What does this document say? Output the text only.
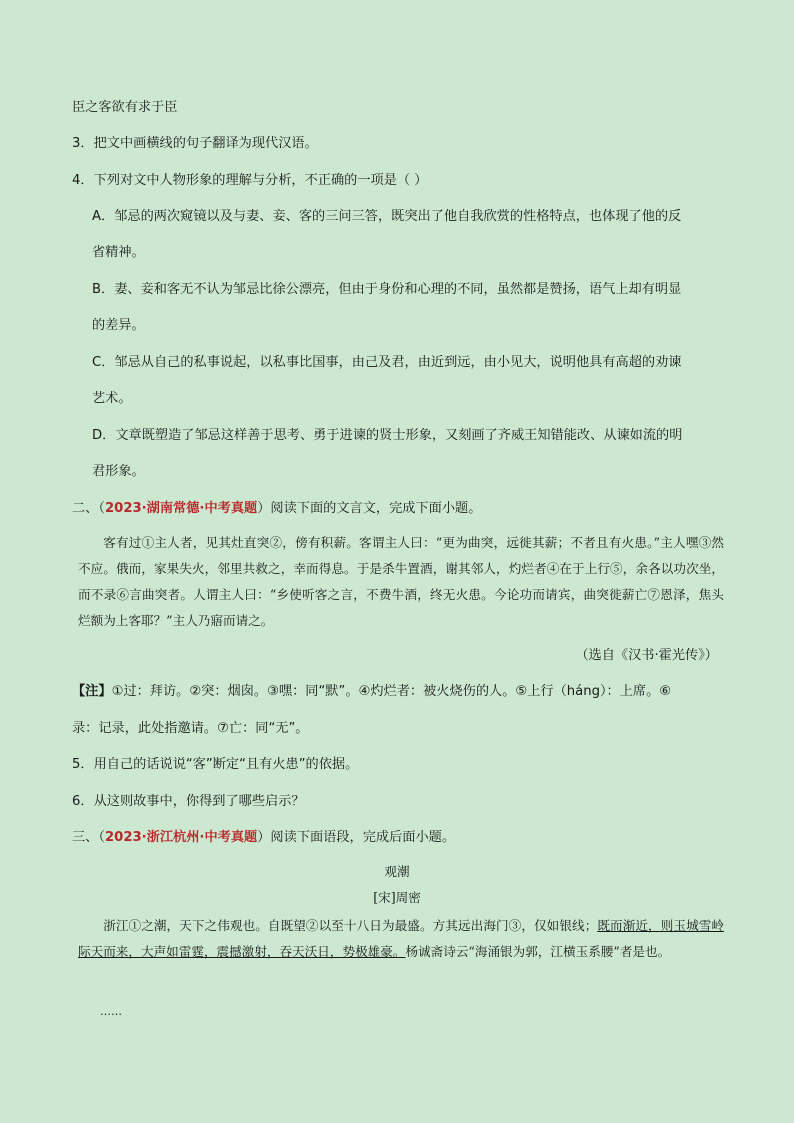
臣之客欲有求于臣
3．把文中画横线的句子翻译为现代汉语。
4．下列对文中人物形象的理解与分析，不正确的一项是（ ）
A．邹忌的两次窥镜以及与妻、妾、客的三问三答，既突出了他自我欣赏的性格特点，也体现了他的反
省精神。
B．妻、妾和客无不认为邹忌比徐公漂亮，但由于身份和心理的不同，虽然都是赞扬，语气上却有明显
的差异。
C．邹忌从自己的私事说起，以私事比国事，由己及君，由近到远，由小见大，说明他具有高超的劝谏
艺术。
D．文章既塑造了邹忌这样善于思考、勇于进谏的贤士形象，又刻画了齐威王知错能改、从谏如流的明
君形象。
二、（2023·湖南常德·中考真题）阅读下面的文言文，完成下面小题。
客有过①主人者，见其灶直突②，傍有积薪。客谓主人曰：“更为曲突，远徙其薪；不者且有火患。”主人嘿③然不应。俄而，家果失火，邻里共救之，幸而得息。于是杀牛置酒，谢其邻人，灼烂者④在于上行⑤，余各以功次坐，而不录⑥言曲突者。人谓主人曰：“乡使听客之言，不费牛酒，终无火患。今论功而请宾，曲突徙薪亡⑦恩泽，焦头烂额为上客耶？”主人乃寤而请之。
（选自《汉书·霍光传》）
【注】①过：拜访。②突：烟囱。③嘿：同“默”。④灼烂者：被火烧伤的人。⑤上行（háng）：上席。⑥
录：记录，此处指邀请。⑦亡：同“无”。
5．用自己的话说说“客”断定“且有火患”的依据。
6．从这则故事中，你得到了哪些启示？
三、（2023·浙江杭州·中考真题）阅读下面语段，完成后面小题。
观潮
[宋]周密
浙江①之潮，天下之伟观也。自既望②以至十八日为最盛。方其远出海门③，仅如银线；既而渐近，则玉城雪岭际天而来，大声如雷霆，震撼激射，吞天沃日，势极雄豪。杨诚斋诗云“海涌银为郭，江横玉系腰”者是也。
……
